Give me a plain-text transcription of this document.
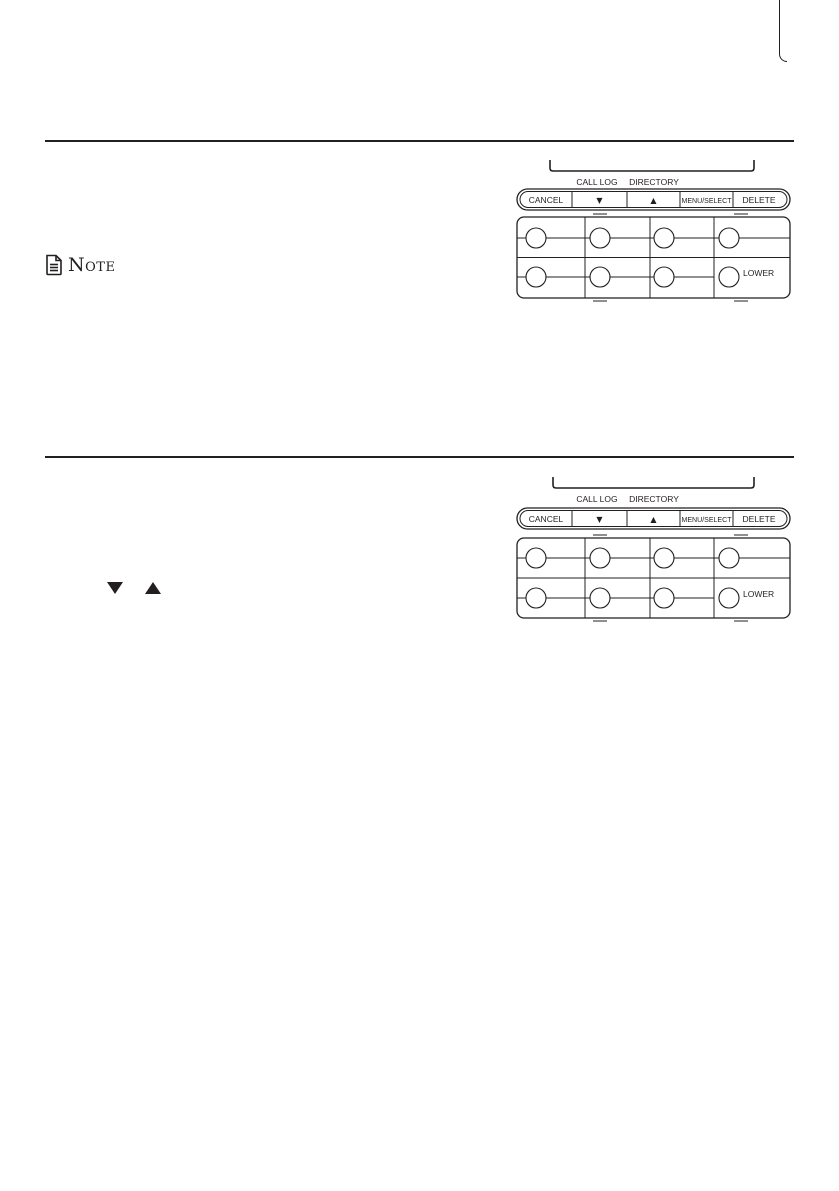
Note
CALL LOG DIRECTORY
CANCEL	▼	▲	MENU/SELECT DELETE
LOWER
CALL LOG DIRECTORY
CANCEL	▼	▲	MENU/SELECT DELETE
LOWER
